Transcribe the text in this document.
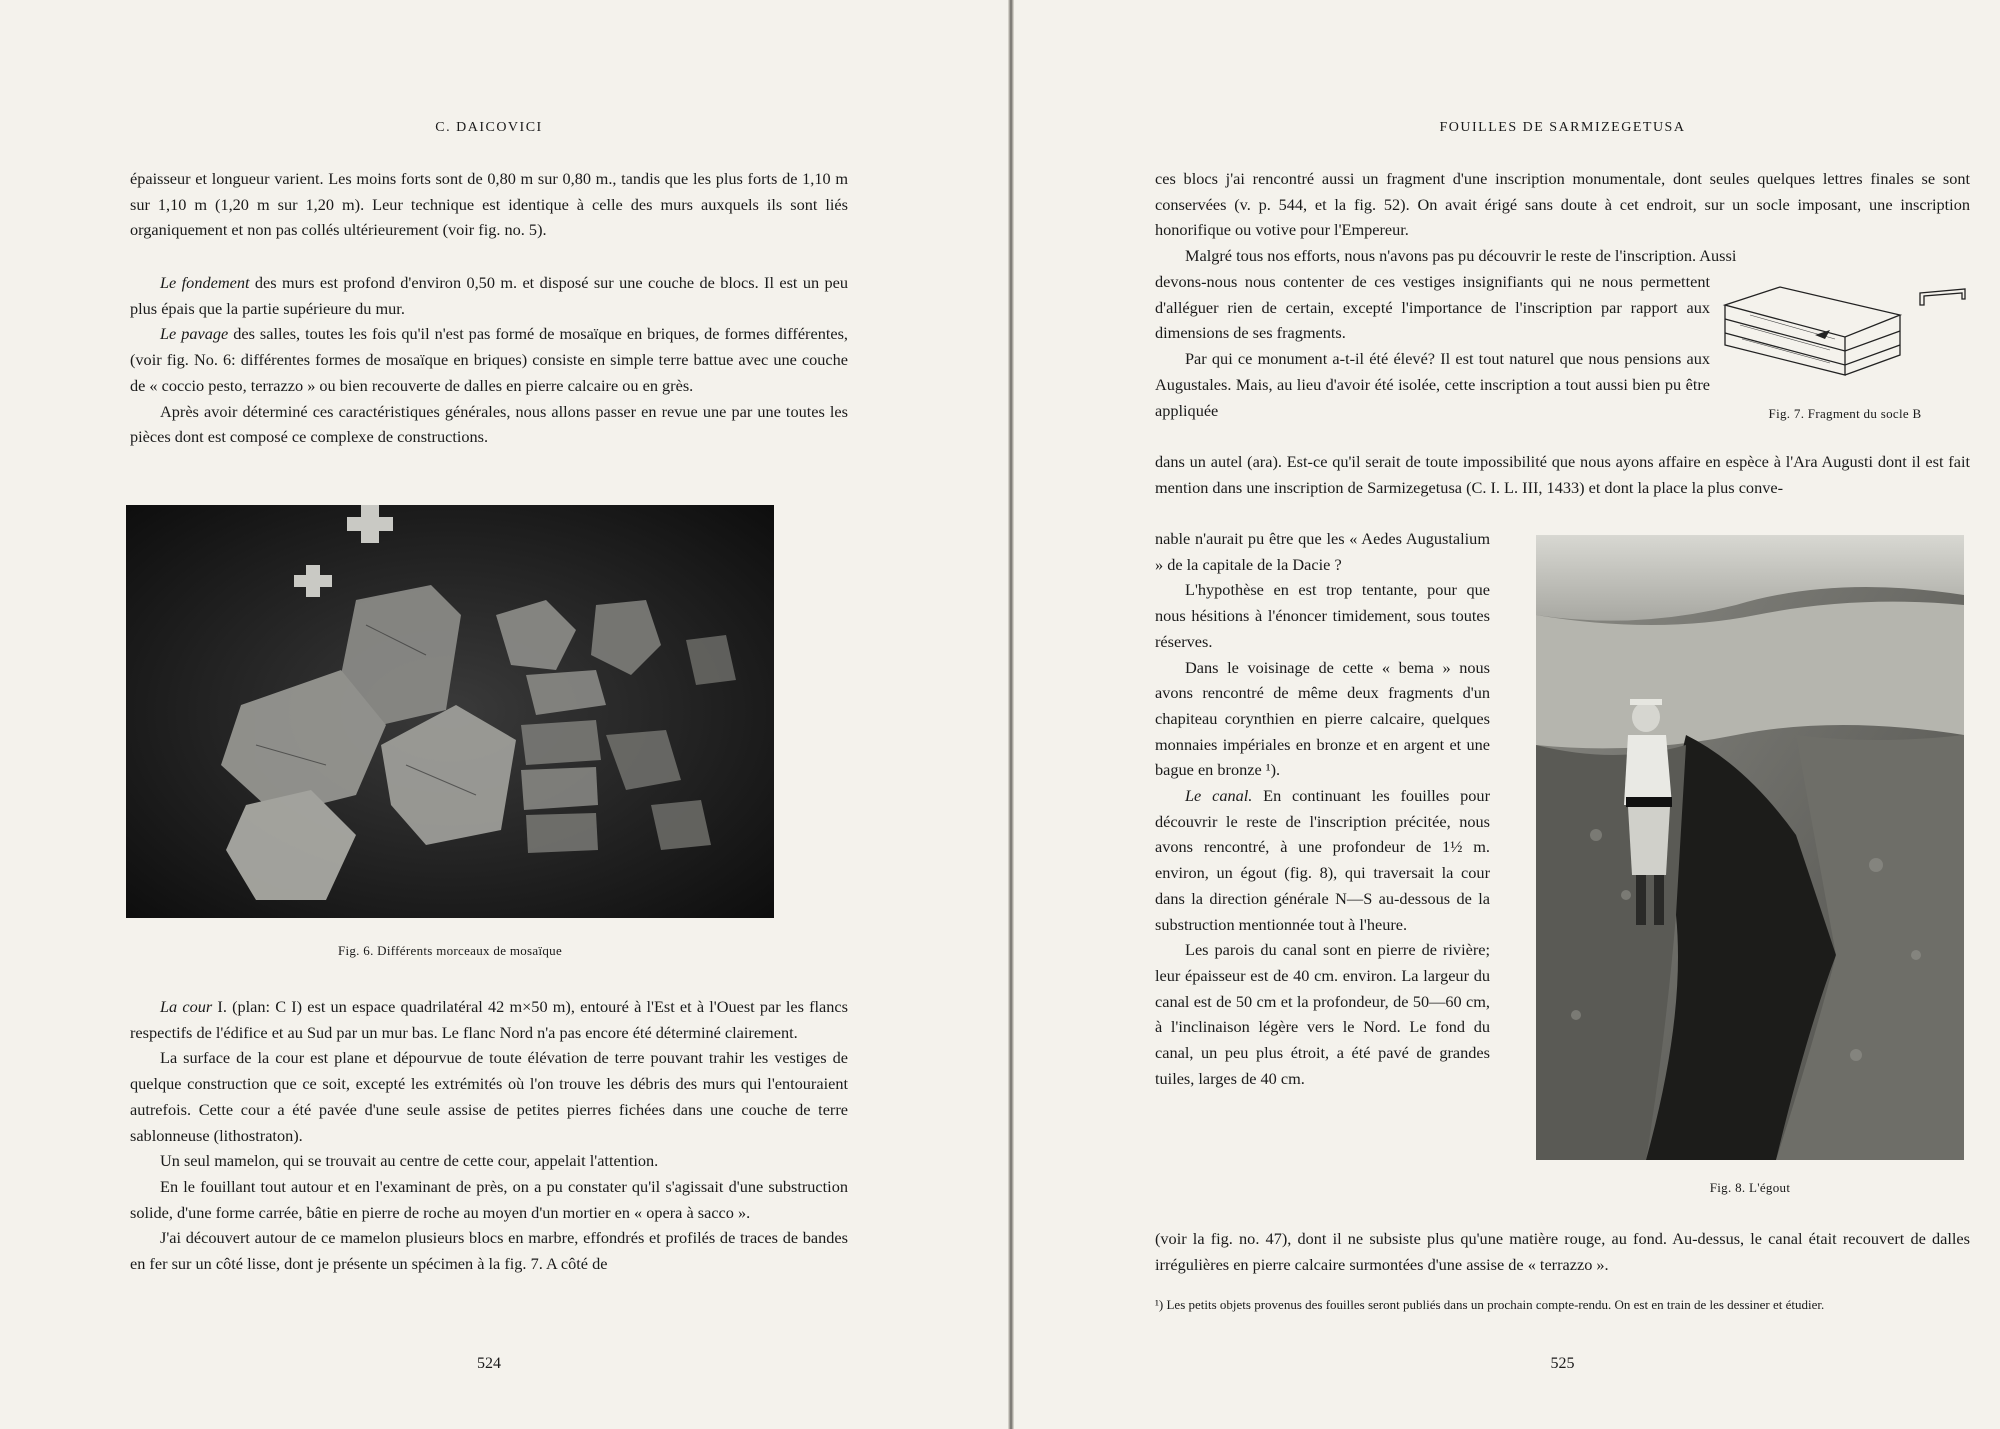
C. DAICOVICI

épaisseur et longueur varient. Les moins forts sont de 0,80 m sur 0,80 m., tandis que les plus forts de 1,10 m sur 1,10 m (1,20 m sur 1,20 m). Leur technique est identique à celle des murs auxquels ils sont liés organiquement et non pas collés ultérieurement (voir fig. no. 5).

Le fondement des murs est profond d'environ 0,50 m. et disposé sur une couche de blocs. Il est un peu plus épais que la partie supérieure du mur.

Le pavage des salles, toutes les fois qu'il n'est pas formé de mosaïque en briques, de formes différentes, (voir fig. No. 6: différentes formes de mosaïque en briques) consiste en simple terre battue avec une couche de « coccio pesto, terrazzo » ou bien recouverte de dalles en pierre calcaire ou en grès.

Après avoir déterminé ces caractéristiques générales, nous allons passer en revue une par une toutes les pièces dont est composé ce complexe de constructions.

Fig. 6. Différents morceaux de mosaïque

La cour I. (plan: C I) est un espace quadrilatéral 42 m×50 m), entouré à l'Est et à l'Ouest par les flancs respectifs de l'édifice et au Sud par un mur bas. Le flanc Nord n'a pas encore été déterminé clairement.

La surface de la cour est plane et dépourvue de toute élévation de terre pouvant trahir les vestiges de quelque construction que ce soit, excepté les extrémités où l'on trouve les débris des murs qui l'entouraient autrefois. Cette cour a été pavée d'une seule assise de petites pierres fichées dans une couche de terre sablonneuse (lithostraton).

Un seul mamelon, qui se trouvait au centre de cette cour, appelait l'attention.

En le fouillant tout autour et en l'examinant de près, on a pu constater qu'il s'agissait d'une substruction solide, d'une forme carrée, bâtie en pierre de roche au moyen d'un mortier en « opera à sacco ».

J'ai découvert autour de ce mamelon plusieurs blocs en marbre, effondrés et profilés de traces de bandes en fer sur un côté lisse, dont je présente un spécimen à la fig. 7. A côté de

524
FOUILLES DE SARMIZEGETUSA

ces blocs j'ai rencontré aussi un fragment d'une inscription monumentale, dont seules quelques lettres finales se sont conservées (v. p. 544, et la fig. 52). On avait érigé sans doute à cet endroit, sur un socle imposant, une inscription honorifique ou votive pour l'Empereur.

Malgré tous nos efforts, nous n'avons pas pu découvrir le reste de l'inscription. Aussi

devons-nous nous contenter de ces vestiges insignifiants qui ne nous permettent d'alléguer rien de certain, excepté l'importance de l'inscription par rapport aux dimensions de ses fragments.

Par qui ce monument a-t-il été élevé? Il est tout naturel que nous pensions aux Augustales. Mais, au lieu d'avoir été isolée, cette inscription a tout aussi bien pu être appliquée	Fig. 7. Fragment du socle B

dans un autel (ara). Est-ce qu'il serait de toute impossibilité que nous ayons affaire en espèce à l'Ara Augusti dont il est fait mention dans une inscription de Sarmizegetusa (C. I. L. III, 1433) et dont la place la plus conve-

nable n'aurait pu être que les « Aedes Augustalium » de la capitale de la Dacie ?

L'hypothèse en est trop tentante, pour que nous hésitions à l'énoncer timidement, sous toutes réserves.

Dans le voisinage de cette « bema » nous avons rencontré de même deux fragments d'un chapiteau corynthien en pierre calcaire, quelques monnaies impériales en bronze et en argent et une bague en bronze ¹).

Le canal. En continuant les fouilles pour découvrir le reste de l'inscription précitée, nous avons rencontré, à une profondeur de 1½ m. environ, un égout (fig. 8), qui traversait la cour dans la direction générale N—S au-dessous de la substruction mentionnée tout à l'heure.

Les parois du canal sont en pierre de rivière; leur épaisseur est de 40 cm. environ. La largeur du canal est de 50 cm et la profondeur, de 50—60 cm, à l'inclinaison légère vers le Nord. Le fond du canal, un peu plus étroit, a été pavé de grandes tuiles, larges de 40 cm.

Fig. 8. L'égout

(voir la fig. no. 47), dont il ne subsiste plus qu'une matière rouge, au fond. Au-dessus, le canal était recouvert de dalles irrégulières en pierre calcaire surmontées d'une assise de « terrazzo ».

¹) Les petits objets provenus des fouilles seront publiés dans un prochain compte-rendu. On est en train de les dessiner et étudier.
525
